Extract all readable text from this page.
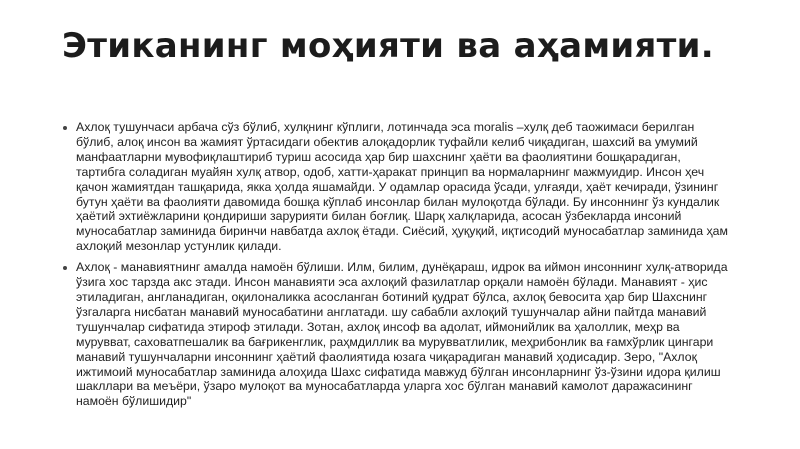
Этиканинг моҳияти ва аҳамияти.
Ахлоқ тушунчаси арбача сўз бўлиб, хулқнинг кўплиги, лотинчада эса moralis –хулқ деб таожимаси берилган бўлиб, алоқ инсон ва жамият ўртасидаги обектив алоқадорлик туфайли келиб чиқадиган, шахсий ва умумий манфаатларни мувофиқлаштириб туриш асосида ҳар бир шахснинг ҳаёти ва фаолиятини бошқарадиган, тартибга соладиган муайян хулқ атвор, одоб, хатти-ҳаракат принцип ва нормаларнинг мажмуидир. Инсон ҳеч қачон жамиятдан ташқарида, якка ҳолда яшамайди. У одамлар орасида ўсади, улғаяди, ҳаёт кечиради, ўзининг бутун ҳаёти ва фаолияти давомида бошқа кўплаб инсонлар билан мулоқотда бўлади. Бу инсоннинг ўз кундалик ҳаётий эхтиёжларини қондириши зарурияти билан боғлиқ. Шарқ халқларида, асосан ўзбекларда инсоний муносабатлар заминида биринчи навбатда ахлоқ ётади. Сиёсий, ҳуқуқий, иқтисодий муносабатлар заминида ҳам ахлоқий мезонлар устунлик қилади.
Ахлоқ - манавиятнинг амалда намоён бўлиши. Илм, билим, дунёқараш, идрок ва иймон инсоннинг хулқ-атворида ўзига хос тарзда акс этади. Инсон манавияти эса ахлоқий фазилатлар орқали намоён бўлади. Манавият - ҳис этиладиган, англанадиган, оқилоналикка асосланган ботиний қудрат бўлса, ахлоқ бевосита ҳар бир Шахснинг ўзгаларга нисбатан манавий муносабатини англатади. шу сабабли ахлоқий тушунчалар айни пайтда манавий тушунчалар сифатида этироф этилади. Зотан, ахлоқ инсоф ва адолат, иймонийлик ва ҳалоллик, меҳр ва мурувват, саховатпешалик ва бағрикенглик, раҳмдиллик ва мурувватлилик, меҳрибонлик ва ғамхўрлик цингари манавий тушунчаларни инсоннинг ҳаётий фаолиятида юзага чиқарадиган манавий ҳодисадир. Зеро, "Ахлоқ ижтимоий муносабатлар заминида алоҳида Шахс сифатида мавжуд бўлган инсонларнинг ўз-ўзини идора қилиш шакллари ва меъёри, ўзаро мулоқот ва муносабатларда уларга хос бўлган манавий камолот даражасининг намоён бўлишидир"
